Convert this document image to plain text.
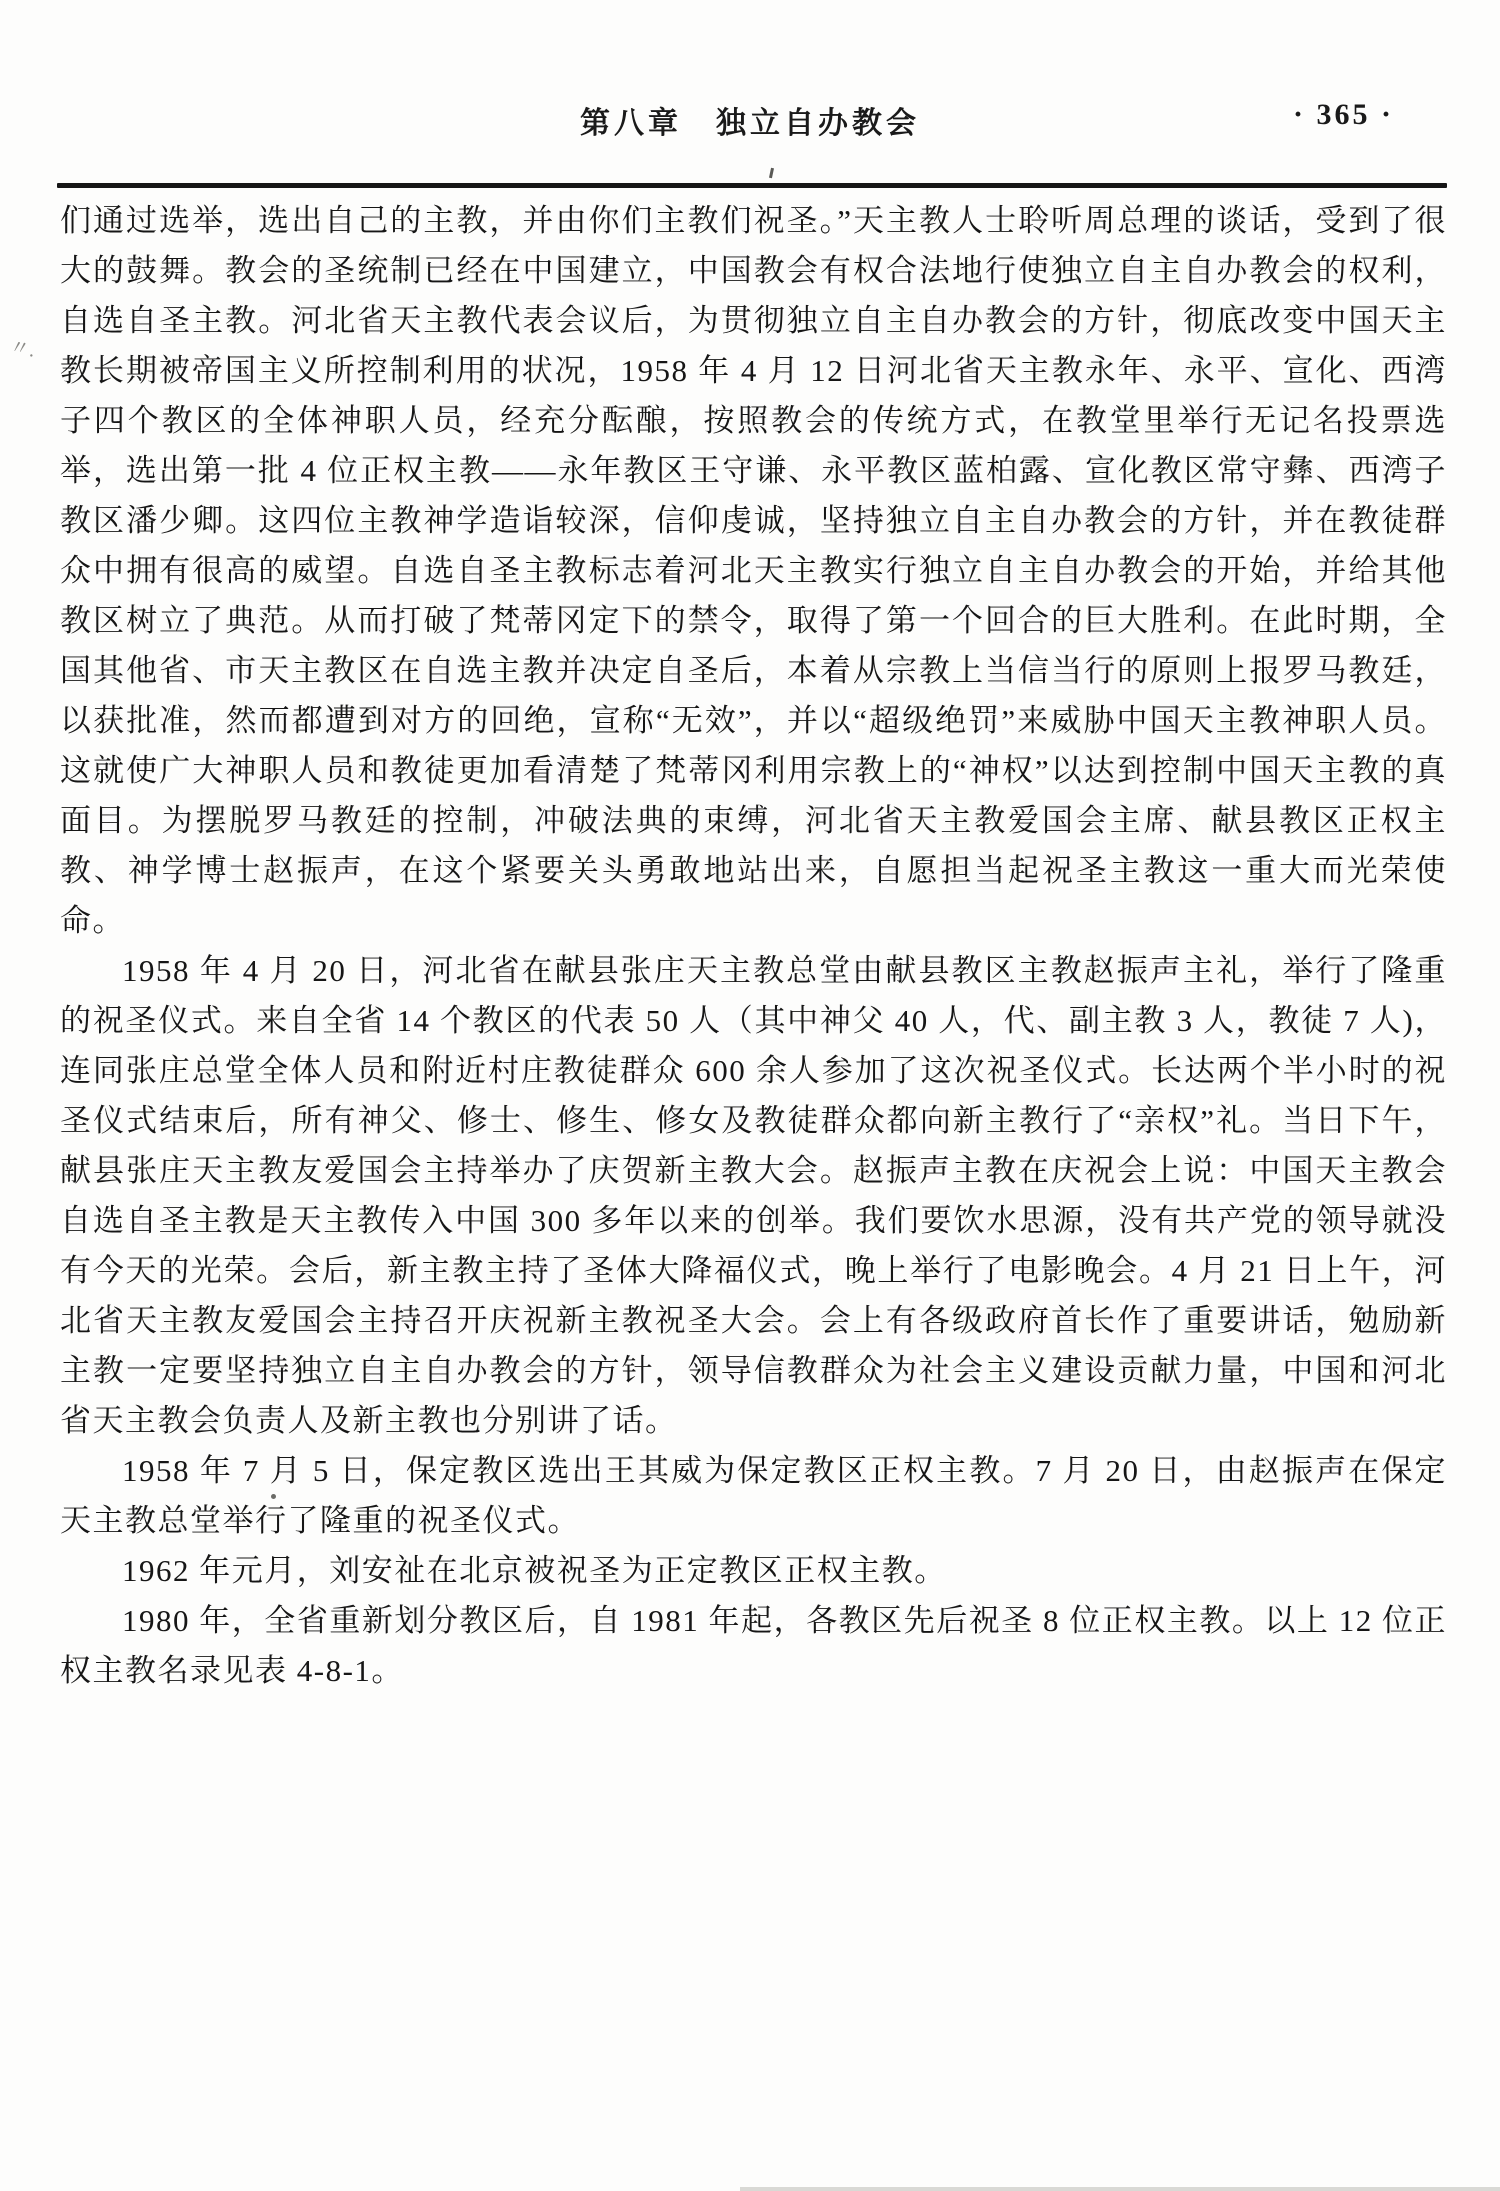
第八章　独立自办教会	· 365 ·

们通过选举，选出自己的主教，并由你们主教们祝圣。”天主教人士聆听周总理的谈话，受到了很大的鼓舞。教会的圣统制已经在中国建立，中国教会有权合法地行使独立自主自办教会的权利，自选自圣主教。河北省天主教代表会议后，为贯彻独立自主自办教会的方针，彻底改变中国天主教长期被帝国主义所控制利用的状况，1958 年 4 月 12 日河北省天主教永年、永平、宣化、西湾子四个教区的全体神职人员，经充分酝酿，按照教会的传统方式，在教堂里举行无记名投票选举，选出第一批 4 位正权主教——永年教区王守谦、永平教区蓝柏露、宣化教区常守彝、西湾子教区潘少卿。这四位主教神学造诣较深，信仰虔诚，坚持独立自主自办教会的方针，并在教徒群众中拥有很高的威望。自选自圣主教标志着河北天主教实行独立自主自办教会的开始，并给其他教区树立了典范。从而打破了梵蒂冈定下的禁令，取得了第一个回合的巨大胜利。在此时期，全国其他省、市天主教区在自选主教并决定自圣后，本着从宗教上当信当行的原则上报罗马教廷，以获批准，然而都遭到对方的回绝，宣称“无效”，并以“超级绝罚”来威胁中国天主教神职人员。这就使广大神职人员和教徒更加看清楚了梵蒂冈利用宗教上的“神权”以达到控制中国天主教的真面目。为摆脱罗马教廷的控制，冲破法典的束缚，河北省天主教爱国会主席、献县教区正权主教、神学博士赵振声，在这个紧要关头勇敢地站出来，自愿担当起祝圣主教这一重大而光荣使命。

1958 年 4 月 20 日，河北省在献县张庄天主教总堂由献县教区主教赵振声主礼，举行了隆重的祝圣仪式。来自全省 14 个教区的代表 50 人（其中神父 40 人，代、副主教 3 人，教徒 7 人)，连同张庄总堂全体人员和附近村庄教徒群众 600 余人参加了这次祝圣仪式。长达两个半小时的祝圣仪式结束后，所有神父、修士、修生、修女及教徒群众都向新主教行了“亲权”礼。当日下午，献县张庄天主教友爱国会主持举办了庆贺新主教大会。赵振声主教在庆祝会上说：中国天主教会自选自圣主教是天主教传入中国 300 多年以来的创举。我们要饮水思源，没有共产党的领导就没有今天的光荣。会后，新主教主持了圣体大降福仪式，晚上举行了电影晚会。4 月 21 日上午，河北省天主教友爱国会主持召开庆祝新主教祝圣大会。会上有各级政府首长作了重要讲话，勉励新主教一定要坚持独立自主自办教会的方针，领导信教群众为社会主义建设贡献力量，中国和河北省天主教会负责人及新主教也分别讲了话。

1958 年 7 月 5 日，保定教区选出王其威为保定教区正权主教。7 月 20 日，由赵振声在保定天主教总堂举行了隆重的祝圣仪式。

1962 年元月，刘安祉在北京被祝圣为正定教区正权主教。

1980 年，全省重新划分教区后，自 1981 年起，各教区先后祝圣 8 位正权主教。以上 12 位正权主教名录见表 4-8-1。

〃.
